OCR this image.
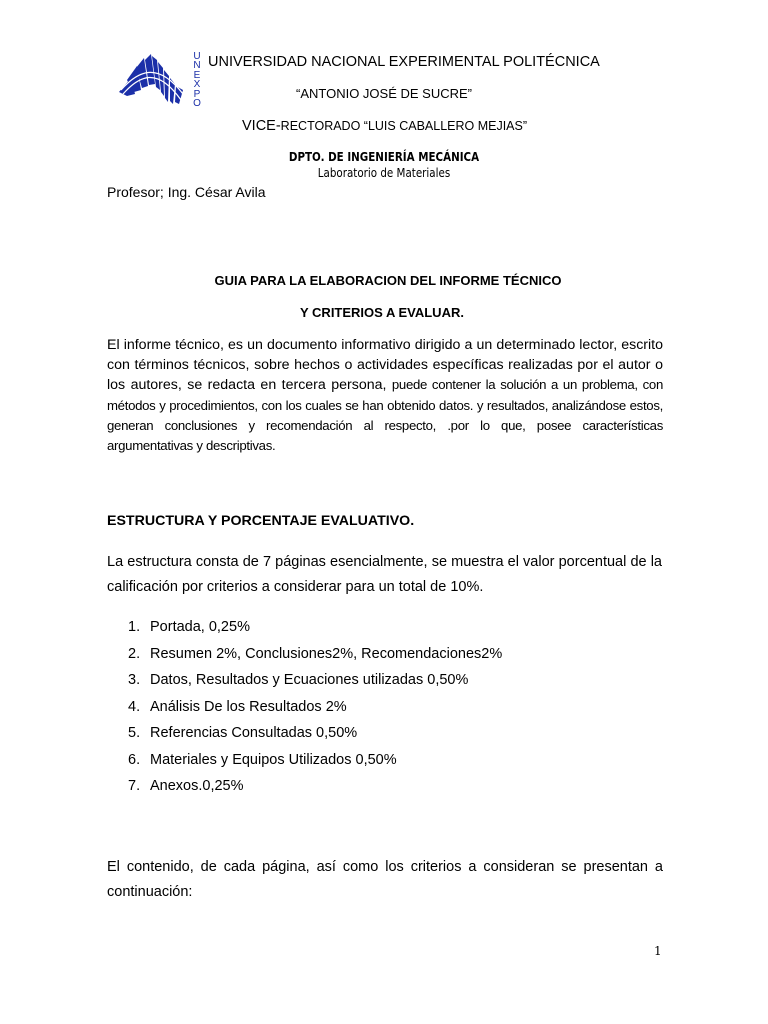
U
N
E
X
P
O
UNIVERSIDAD NACIONAL EXPERIMENTAL POLITÉCNICA
“ANTONIO JOSÉ DE SUCRE”
VICE-RECTORADO “LUIS CABALLERO MEJIAS”
DPTO. DE INGENIERÍA MECÁNICA
Laboratorio de Materiales
Profesor; Ing. César Avila
GUIA PARA LA ELABORACION DEL INFORME TÉCNICO
Y CRITERIOS A EVALUAR.
El informe técnico, es un documento informativo dirigido a un determinado lector, escrito con términos técnicos, sobre hechos o actividades específicas realizadas por el autor o los autores, se redacta en tercera persona, puede contener la solución a un problema, con métodos y procedimientos, con los cuales se han obtenido datos. y resultados, analizándose estos, generan conclusiones y recomendación al respecto, .por lo que, posee características argumentativas y descriptivas.
ESTRUCTURA Y PORCENTAJE EVALUATIVO.
La estructura consta de 7 páginas esencialmente, se muestra el valor porcentual de la calificación por criterios a considerar para un total de 10%.
1. Portada, 0,25%
2. Resumen 2%, Conclusiones2%, Recomendaciones2%
3. Datos, Resultados y Ecuaciones utilizadas 0,50%
4. Análisis De los Resultados 2%
5. Referencias Consultadas 0,50%
6. Materiales y Equipos Utilizados 0,50%
7. Anexos.0,25%
El contenido, de cada página, así como los criterios a consideran se presentan a continuación:
1
